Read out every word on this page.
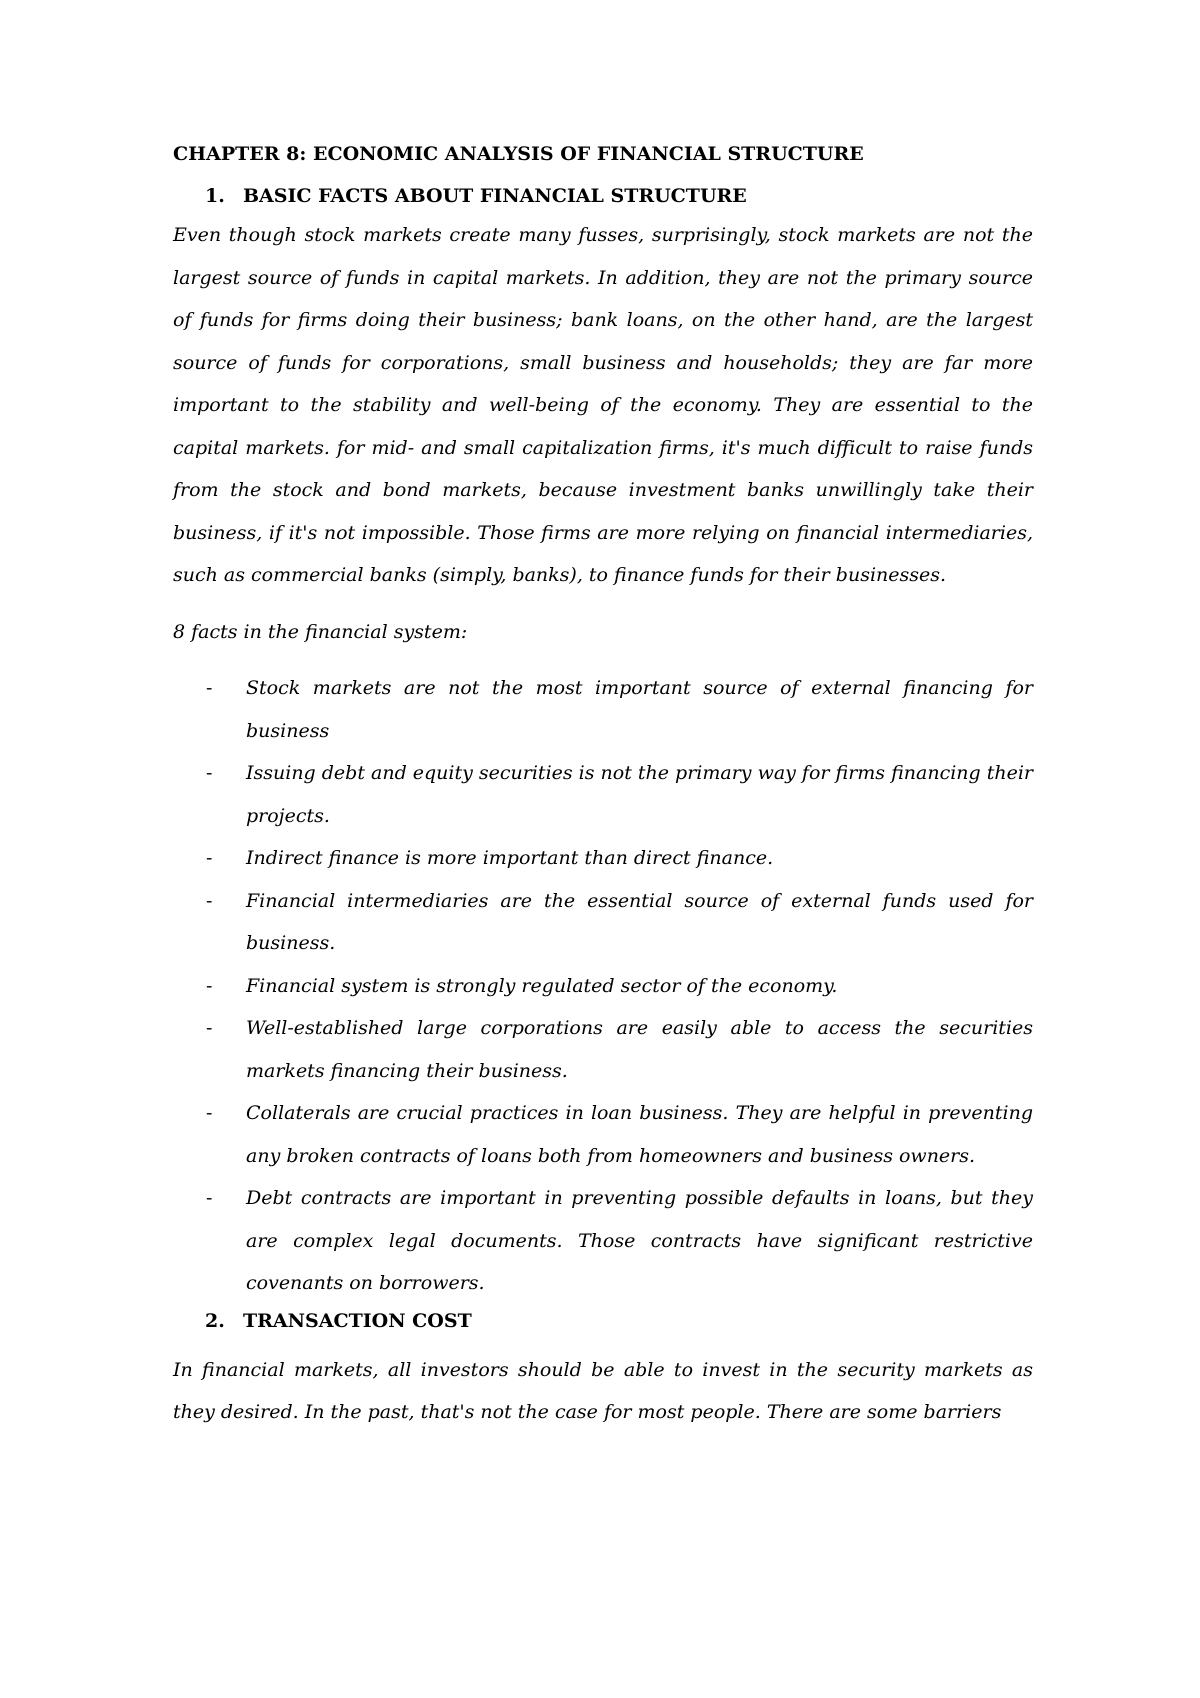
CHAPTER 8: ECONOMIC ANALYSIS OF FINANCIAL STRUCTURE
1. BASIC FACTS ABOUT FINANCIAL STRUCTURE

Even though stock markets create many fusses, surprisingly, stock markets are not the largest source of funds in capital markets. In addition, they are not the primary source of funds for firms doing their business; bank loans, on the other hand, are the largest source of funds for corporations, small business and households; they are far more important to the stability and well-being of the economy. They are essential to the capital markets. for mid- and small capitalization firms, it's much difficult to raise funds from the stock and bond markets, because investment banks unwillingly take their business, if it's not impossible. Those firms are more relying on financial intermediaries, such as commercial banks (simply, banks), to finance funds for their businesses.

8 facts in the financial system:

- Stock markets are not the most important source of external financing for business
- Issuing debt and equity securities is not the primary way for firms financing their projects.
- Indirect finance is more important than direct finance.
- Financial intermediaries are the essential source of external funds used for business.
- Financial system is strongly regulated sector of the economy.
- Well-established large corporations are easily able to access the securities markets financing their business.
- Collaterals are crucial practices in loan business. They are helpful in preventing any broken contracts of loans both from homeowners and business owners.
- Debt contracts are important in preventing possible defaults in loans, but they are complex legal documents. Those contracts have significant restrictive covenants on borrowers.
2. TRANSACTION COST

In financial markets, all investors should be able to invest in the security markets as they desired. In the past, that's not the case for most people. There are some barriers
